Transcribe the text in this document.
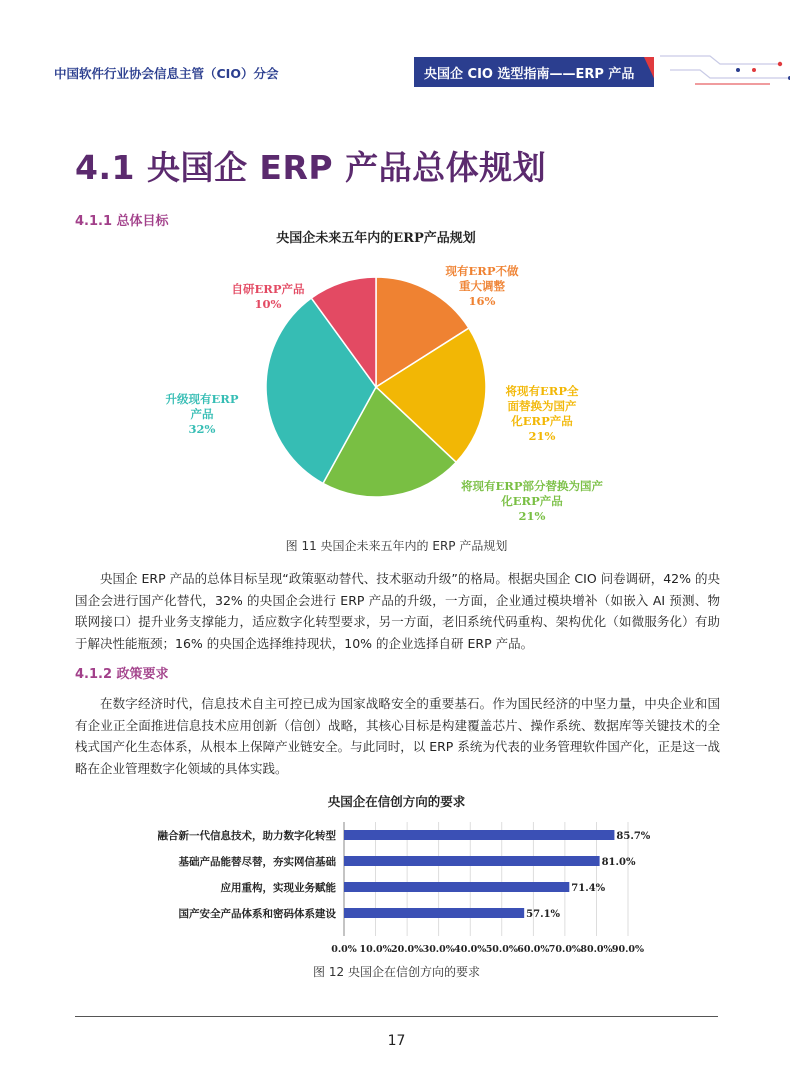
中国软件行业协会信息主管（CIO）分会	央国企 CIO 选型指南——ERP 产品
4.1 央国企 ERP 产品总体规划
4.1.1 总体目标
央国企未来五年内的ERP产品规划
现有ERP不做
重大调整
16%
将现有ERP全
面替换为国产
化ERP产品
21%
将现有ERP部分替换为国产
化ERP产品
21%
升级现有ERP
产品
32%
自研ERP产品
10%
图 11 央国企未来五年内的 ERP 产品规划
央国企 ERP 产品的总体目标呈现“政策驱动替代、技术驱动升级”的格局。根据央国企 CIO 问卷调研，42% 的央国企会进行国产化替代，32% 的央国企会进行 ERP 产品的升级，一方面，企业通过模块增补（如嵌入 AI 预测、物联网接口）提升业务支撑能力，适应数字化转型要求，另一方面，老旧系统代码重构、架构优化（如微服务化）有助于解决性能瓶颈；16% 的央国企选择维持现状，10% 的企业选择自研 ERP 产品。
4.1.2 政策要求
在数字经济时代，信息技术自主可控已成为国家战略安全的重要基石。作为国民经济的中坚力量，中央企业和国有企业正全面推进信息技术应用创新（信创）战略，其核心目标是构建覆盖芯片、操作系统、数据库等关键技术的全栈式国产化生态体系，从根本上保障产业链安全。与此同时，以 ERP 系统为代表的业务管理软件国产化，正是这一战略在企业管理数字化领域的具体实践。
央国企在信创方向的要求
融合新一代信息技术，助力数字化转型	85.7%
基础产品能替尽替，夯实网信基础	81.0%
应用重构，实现业务赋能	71.4%
国产安全产品体系和密码体系建设	57.1%
0.0% 10.0% 20.0% 30.0% 40.0% 50.0% 60.0% 70.0% 80.0% 90.0%
图 12 央国企在信创方向的要求
17
